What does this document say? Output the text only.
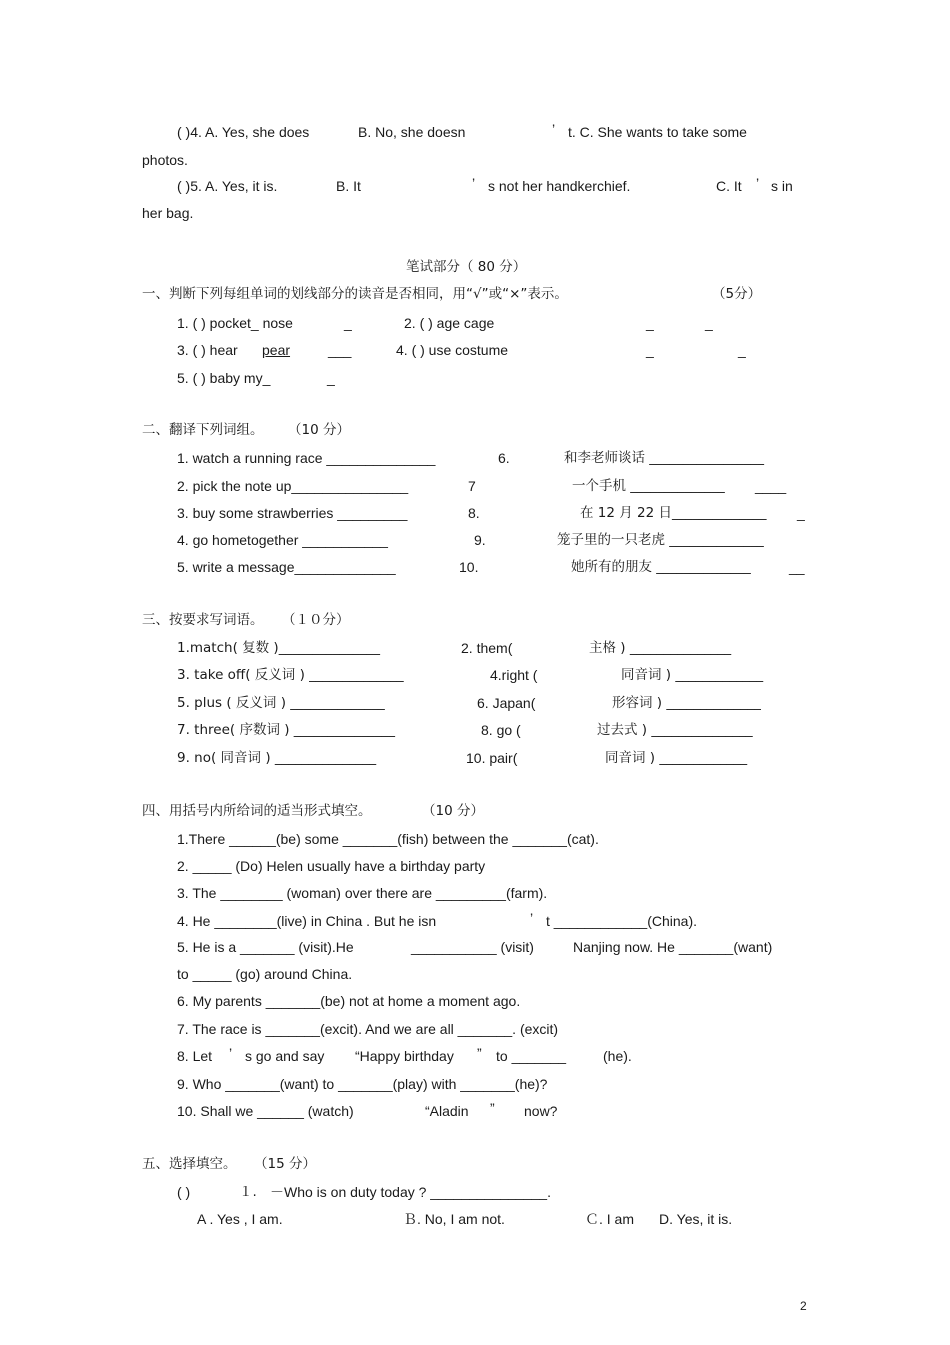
( )4. A. Yes, she does	B. No, she doesn	’ t. C. She wants to take some
photos.
( )5. A. Yes, it is.	B. It	’ s not her handkerchief.	C. It ’ s in
her bag.
笔试部分（ 80 分）
一、判断下列每组单词的划线部分的读音是否相同，用“√”或“×”表示。	（5分）
1. ( ) pocket_ nose	_	2. ( ) age cage	_	_
3. ( ) hear pear	___	4. ( ) use costume	_	_
5. ( ) baby my_	_
二、翻译下列词组。 （10 分）
1. watch a running race ______________	6.	和李老师谈话 _________________
2. pick the note up_______________	7	一个手机 ______________ ____
3. buy some strawberries _________	8.	在 12 月 22 日______________ _
4. go hometogether ___________	9.	笼子里的一只老虎 ______________
5. write a message_____________	10.	她所有的朋友 ______________	__
三、按要求写词语。 （１０分）
1.match( 复数 )_______________	2. them(	主格 ) _______________
3. take off( 反义词 ) ______________	4.right (	同音词 ) _____________
5. plus ( 反义词 ) ______________	6. Japan(	形容词 ) ______________
7. three( 序数词 ) _______________	8. go (	过去式 ) _______________
9. no( 同音词 ) _______________	10. pair(	同音词 ) _____________
四、用括号内所给词的适当形式填空。	（10 分）
1.There ______(be) some _______(fish) between the _______(cat).
2. _____ (Do) Helen usually have a birthday party
3. The ________ (woman) over there are _________(farm).
4. He ________(live) in China . But he isn	’ t ____________(China).
5. He is a _______ (visit).He	___________ (visit)	Nanjing now. He _______(want)
to _____ (go) around China.
6. My parents _______(be) not at home a moment ago.
7. The race is _______(excit). And we are all _______. (excit)
8. Let ’ s go and say “Happy birthday ” to _______	(he).
9. Who _______(want) to _______(play) with _______(he)?
10. Shall we ______ (watch)	“Aladin ” now?
五、选择填空。 （15 分）
( )	１. －Who is on duty today ? _______________.
A . Yes , I am.	Ｂ. No, I am not.	Ｃ. I am D. Yes, it is.
2
